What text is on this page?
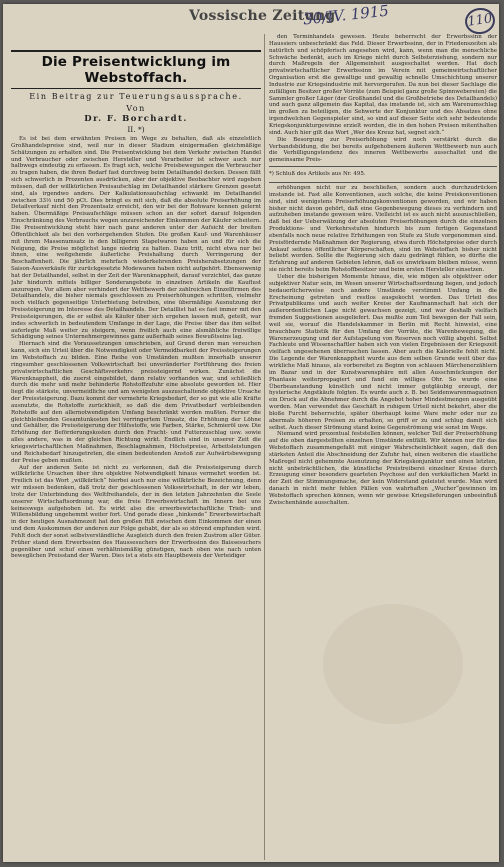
Vossische Zeitung
30/IV. 1915	110
Die Preisentwicklung im Webstoffach.
Ein Beitrag zur Teuerungsaussprache.
Von
Dr. F. Borchardt.
II. *)

Es ist bei dem erwähnten Preisen im Wege zu behalten, daß als einzelstlich Großhandelspreise sind, weil nur in dieser Stadium einigermaßen gleichmäßige Schätzungen zu erhalten sind. Die Preisentwicklung bei dem Verkehr zwischen Handel und Verbraucher oder zwischen Hersteller und Verarbeiter ist schwer auch nur halbwegs eindeutig zu erfassen. Es fragt sich, welche Preisbewegungen die Verbraucher zu tragen haben, die ihren Bedarf fast durchweg beim Detailhandel decken. Dessen fällt sich schwerlich in Prozenten ausdrücken, aber der objektive Beobachter wird zugeben müssen, daß der willkürlichen Preisaufschlag im Detailhandel stärkere Grenzen gesetzt sind, als irgendwo anders. Der Kalkulationsaufschlag schwankt im Detailhandel zwischen 33⅓ und 50 pCt. Dies bringt es mit sich, daß die absolute Preiserhöhung im Detailverkauf nicht den Prozentsatz erreicht, den wir bei der Rohware kennen gelernt haben. Übermäßige Preisaufschläge müssen schon an der sofort darauf folgenden Einschränkung des Verbrauchs wegen unzureichender Einkommen der Käufer scheitern. Die Preisentwicklung steht hier nach ganz anderen unter der Aufsicht der breiten Öffentlichkeit als bei den vorhergehenden Stufen. Die großen Kauf- und Warenhäuser mit ihrem Massenumsatz in den billigeren Stapelwaren haben an und für sich die Neigung, die Preise möglichst lange niedrig zu halten. Dazu tritt, nicht etwa nur bei ihnen, eine weitgehende äußerliche Preishaltung durch Verringerung der Beschaffenheit. Die jährlich mehrfach wiederkehrenden Preisherabsetzungen der Saison-Ausverkäufe für zurückgesetzte Modewaren haben nicht aufgehört. Ebensowenig hat der Detailhandel, selbst in der Zeit der Warenknappheit, darauf verzichtet, das ganze Jahr hindurch mittels billiger Sonderangebote in einzelnen Artikeln die Kauflust anzuregen. Vor allem aber verhindert der Wettbewerb der zahlreichen Einzelfirmen des Detailhandels, die bisher niemals geschlossen zu Preiserhöhungen schritten, vielmehr noch vielfach gegenseitige Unterbietung betreiben, eine übermäßige Ausnutzung der Preissteigerung im Interesse des Detailhandels. Der Detaillist hat es fast immer mit den Preissteigerungen, die er selbst als Käufer über sich ergehen lassen muß, geteilt, war indes schwerlich in bedeutendem Umfange in der Lage, die Preise über das ihm selbst auferlegte Maß weiter zu steigern, wenn freilich auch eine alsmähliche freiwillige Schädigung seines Unternehmergewinnes ganz außerhalb seines Bewußtseins lag.

Hiernach sind die Voraussetzungen umschrieben, auf Grund deren man versuchen kann, sich ein Urteil über die Notwendigkeit oder Vermeidbarkeit der Preissteigerungen im Webstoffach zu bilden. Eine Reihe von Umständen mußten innerhalb unserer ringsumher geschlossenen Volkswirtschaft bei unveränderter Fortführung des freien privatwirtschaftlichen Geschäftsverkehrs preissteigernd wirken. Zunächst die Warenknappheit, die zuerst eingebildet, dann relativ vorhanden war, und schließlich durch die mehr und mehr behinderte Rohstoffzufuhr eine absolute geworden ist. Hier liegt die stärkste, unvermeidliche und am wenigsten auszuschaltende objektive Ursache der Preissteigerung. Dazu kommt der vermehrte Kriegsbedarf, der so gut wie alle Kräfte ausnutzte, die Rohstoffe zurückhielt, so daß die dem Privatbedarf verbleibenden Rohstoffe auf den allernotwendigsten Umfang beschränkt werden mußten. Ferner die gleichbleibenden Gesamtunkosten bei verringertem Umsatz, die Erhöhung der Löhne und Gehälter, die Preissteigerung der Hilfsstoffe, wie Farben, Stärke, Schmieröl usw. Die Erhöhung der Beförderungskosten durch den Fracht- und Futterzuschlag usw. sowie alles andere, was in der gleichen Richtung wirkt. Endlich sind in unserer Zeit die kriegswirtschaftlichen Maßnahmen, Beschlagnahmen, Höchstpreise, Arbeitsleistungen und Reichsbedarf hinzugetreten, die einen bedeutenden Anstoß zur Aufwärtsbewegung der Preise geben mußten.

Auf der anderen Seite ist nicht zu verkennen, daß die Preissteigerung durch willkürliche Ursachen über ihre objektive Notwendigkeit hinaus vermehrt worden ist. Freilich ist das Wort „willkürlich“ hierbei auch nur eine willkürliche Bezeichnung, denn wir müssen bedenken, daß trotz der geschlossenen Volkswirtschaft, in der wir leben, trotz der Unterbindung des Weltfreihandels, der in den letzten Jahrzehnten die Seele unserer Wirtschaftsordnung war, die freie Erwerbswirtschaft im Innern bei uns keineswegs aufgehoben ist. Es wirkt also die erwerbswirtschaftliche Trieb- und Willensbildung ungehemmt weiter fort. Und gerade diese „hinkende“ Erwerbswirtschaft in der heutigen Ausnahmezeit hat den großen Riß zwischen dem Einkommen der einen und dem Auskommen der anderen zur Folge gehabt, der als so störend empfunden wird. Fehlt doch der sonst selbstverständliche Ausgleich durch den freien Zustrom aller Güter. Früher stand dem Erwerbssinn des Haussesuchers der Erwerbssinn des Baissesuchers gegenüber und schuf einen verhältnismäßig günstigen, nach oben wie nach unten beweglichen Preisstand der Waren. Dies ist a stets ein Hauptbeweis der Verteidiger

den Terminhandels gewesen. Heute beherrscht der Erwerbssinn der Haussiers unbeschränkt das Feld. Dieser Erwerbssinn, der in Friedenszeiten als natürlich und schöpferisch angesehen wird, kann, wenn man die menschliche Schwäche bedenkt, auch im Kriege nicht durch Selbsterziehung, sondern nur durch Maßregeln der Allgemeinheit ausgeschaltet werden. Hat doch privatwirtschaftlicher Erwerbssinn im Verein mit gemeinwirtschaftlicher Organisation erst die gewaltige und gewaltig schnelle Umschichtung unserer Industrie zur Kriegsindustrie mit hervorgerufen. Da nun bei dieser Sachlage die zufälligen Besitzer großer Vorräte (zum Beispiel ganz große Spinnwebereien) die Sammler großer Läger (der Großhandel und die Großbetriebe des Detailhandels) und auch ganz allgemein das Kapital, das imstande ist, sich am Warenumschlag im großen zu beteiligen, die Sehwerte der Konjunktur und des Absatzes ohne irgendwelchen Gegenspieler sind, so sind auf dieser Seite sich sehr bedeutende Kriegskonjunkturgewinne erzielt worden, die in den hohen Preisen mitenthalten sind. Auch hier gilt das Wort „Wer des Kreuz hat, segnet sich.“

Die Besorgung zur Preiserhöhung wird noch verstärkt durch die Verbandsbildung, die bei bereits aufgehobenem äußeren Wettbewerb nun auch die Verbilligungstendenz des inneren Wettbewerbs ausschaltet und die gemeinsame Preis-

*) Schluß des Artikels aus Nr. 495.

erhöhungen nicht nur zu beschließen, sondern auch durchzudrücken imstande ist. Fast alle Konventionen, auch solche, die keine Preiskonventionen sind, sind wenigstens Preiserhöhungskonventionen geworden, und wir haben bisher nicht davon gehört, daß eine Gegenbewegung dieses zu verhindern und aufzuheben imstande gewesen wäre. Vielleicht ist es auch nicht auszuschließen, daß bei der Ueberwälzung der absoluten Preiserhöhungen durch die einzelnen Produktions- und Verkehrsstufen hindurch bis zum fertigen Gegenstand ebenfalls noch neue relative Erhöhungen von Stufe zu Stufe vorgenommen sind. Preisfördernde Maßnahmen der Regierung, etwa durch Höchstpreise oder durch Ankauf seitens öffentlicher Körperschaften, sind im Webstoffach bisher nicht beliebt worden. Sollte die Regierung sich dazu gedrängt fühlen, so dürfte die Erfahrung auf anderen Gebieten lehren, daß es unwirksam bleiben müsse, wenn sie nicht bereits beim Rohstoffbesitzer und beim ersten Hersteller einsetzen.

Ueber die bisherigen Momente hinaus, die, wie mögen als objektiver oder subjektiver Natur sein, im Wesen unserer Wirtschaftsordnung liegen, und jedoch bedauerlicherweise noch andere Umstände verstimmt Umfang in die Erscheinung getreten und restlos ausgekocht worden. Das Urteil des Privatpublikums und auch weiter Kreise der Kaufmannschaft hat sich der außerordentlichen Lage nicht gewachsen gezeigt, und war deshalb vielfach fremden Suggestionen ausgeliefert. Das mußte zum Teil bewegen der Fall sein, weil sie, worauf die Handelskammer in Berlin mit Recht hinweist, eine brauchbare Statistik für den Umfang der Vorräte, die Warenbewegung, die Warenerzeugung und der Aufstapelung von Reserven noch völlig abgeht. Selbst Fachleute und Wissenschaftler haben sich von vielen Ergebnissen der Kriegszeit vielfach ungesehenen überraschen lassen. Aber auch die Kalorielle fehlt nicht. Die Legende der Warenknappheit wurde aus dem selben Grunde weit über das wirkliche Maß hinaus, als vorbereitet zu Beginn von schlauen Märchenerzählern im Bazar und in der Kunstwarensphäre mit allen Ausschmückungen der Phantasie weiterpropagiert und fand ein williges Ohr. So wurde eine Überbeanstandung künstlich und nicht immer gutgläubig erzeugt, der hysterische Angstkäufe folgten. Es wurde auch z. B. bei Seidenwarenmagazinen ein Druck auf die Abnehmer durch die Angebot hoher Mindestmengen ausgeübt worden. Man verwendet das Geschäft in ruhigem Urteil nicht bekehrt, aber die bloße Furcht beherrschte, später überhaupt keine Ware mehr oder nur zu abermals höheren Preisen zu erhalten, so griff er zu und schlug damit sich selbst. Auch dieser Strömung stand keine Gegenströmung wie sonst im Wege.

Niemand wird prozentual feststellen können, welcher Teil der Preiserhöhung auf die oben dargestellten einzelnen Umstände entfällt. Wir können nur für das Webstoffach zusammengefaßt mit einiger Wahrscheinlichkeit sagen, daß den stärksten Anteil die Abschneidung der Zufuhr hat, einen weiteren die staatliche Maßregel nicht gehemmte Ausnutzung der Kriegskonjunktur und einen letzten, nicht unbeträchtlichen, die künstliche Preistreiberei einzelner Kreise durch Erzeugung einer besonders gearteten Psychose auf den verkäuflichen Markt in der Zeit der Stimmungsmache, der kein Widerstand geleistet wurde. Man wird danach in nicht mehr fehlen Fällen von wahrhaften „Wucher“gewinnen im Webstoffach sprechen können, wenn wir gewisse Kriegslieferungen unbeeinfluß Zwischenhände ausschalten.
